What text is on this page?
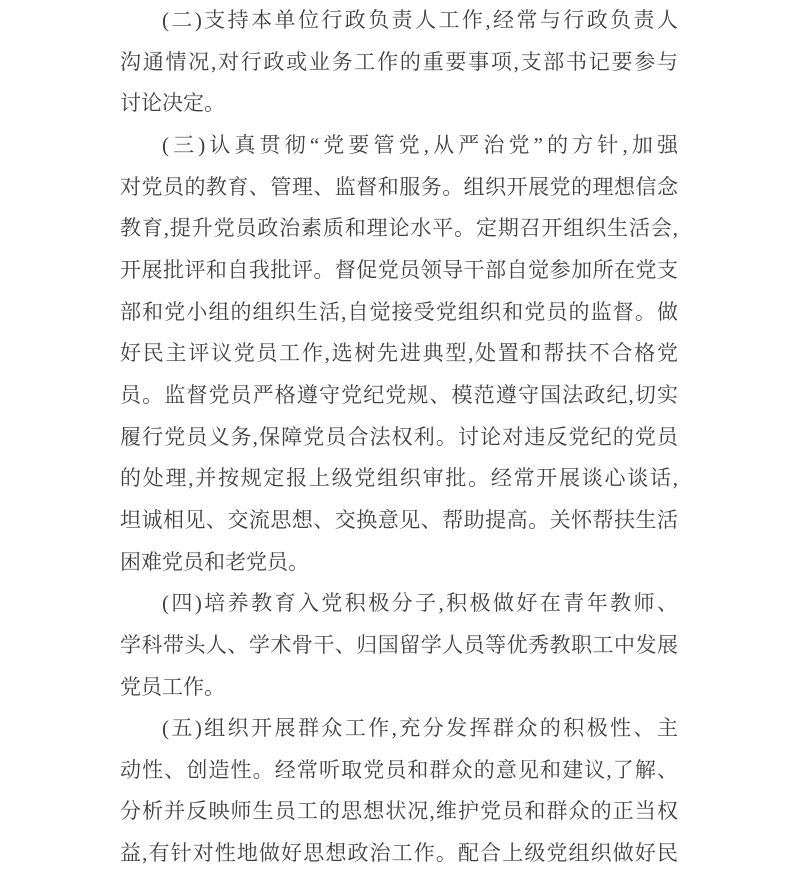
(二)支持本单位行政负责人工作,经常与行政负责人
沟通情况,对行政或业务工作的重要事项,支部书记要参与
讨论决定。
(三)认真贯彻“党要管党,从严治党”的方针,加强
对党员的教育、管理、监督和服务。组织开展党的理想信念
教育,提升党员政治素质和理论水平。定期召开组织生活会,
开展批评和自我批评。督促党员领导干部自觉参加所在党支
部和党小组的组织生活,自觉接受党组织和党员的监督。做
好民主评议党员工作,选树先进典型,处置和帮扶不合格党
员。监督党员严格遵守党纪党规、模范遵守国法政纪,切实
履行党员义务,保障党员合法权利。讨论对违反党纪的党员
的处理,并按规定报上级党组织审批。经常开展谈心谈话,
坦诚相见、交流思想、交换意见、帮助提高。关怀帮扶生活
困难党员和老党员。
(四)培养教育入党积极分子,积极做好在青年教师、
学科带头人、学术骨干、归国留学人员等优秀教职工中发展
党员工作。
(五)组织开展群众工作,充分发挥群众的积极性、主
动性、创造性。经常听取党员和群众的意见和建议,了解、
分析并反映师生员工的思想状况,维护党员和群众的正当权
益,有针对性地做好思想政治工作。配合上级党组织做好民
